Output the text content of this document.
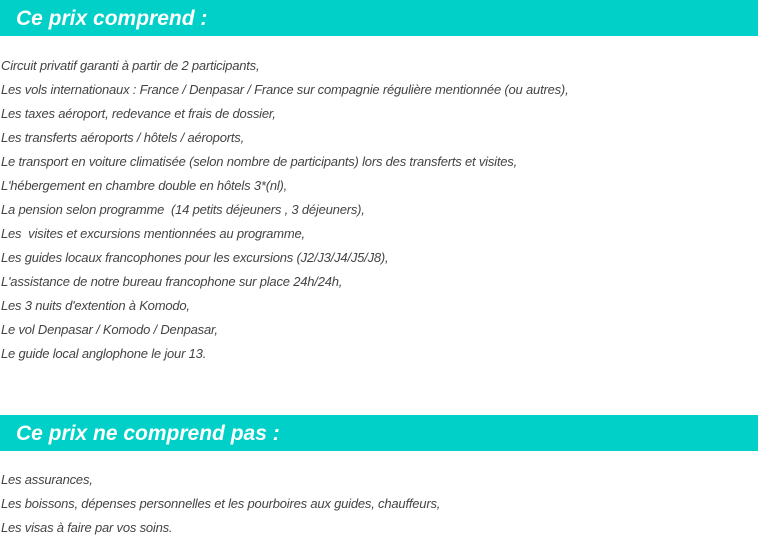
Ce prix comprend :
Circuit privatif garanti à partir de 2 participants,
Les vols internationaux : France / Denpasar / France sur compagnie régulière mentionnée (ou autres),
Les taxes aéroport, redevance et frais de dossier,
Les transferts aéroports / hôtels / aéroports,
Le transport en voiture climatisée (selon nombre de participants) lors des transferts et visites,
L'hébergement en chambre double en hôtels 3*(nl),
La pension selon programme  (14 petits déjeuners , 3 déjeuners),
Les  visites et excursions mentionnées au programme,
Les guides locaux francophones pour les excursions (J2/J3/J4/J5/J8),
L'assistance de notre bureau francophone sur place 24h/24h,
Les 3 nuits d'extention à Komodo,
Le vol Denpasar / Komodo / Denpasar,
Le guide local anglophone le jour 13.
Ce prix ne comprend pas :
Les assurances,
Les boissons, dépenses personnelles et les pourboires aux guides, chauffeurs,
Les visas à faire par vos soins.
